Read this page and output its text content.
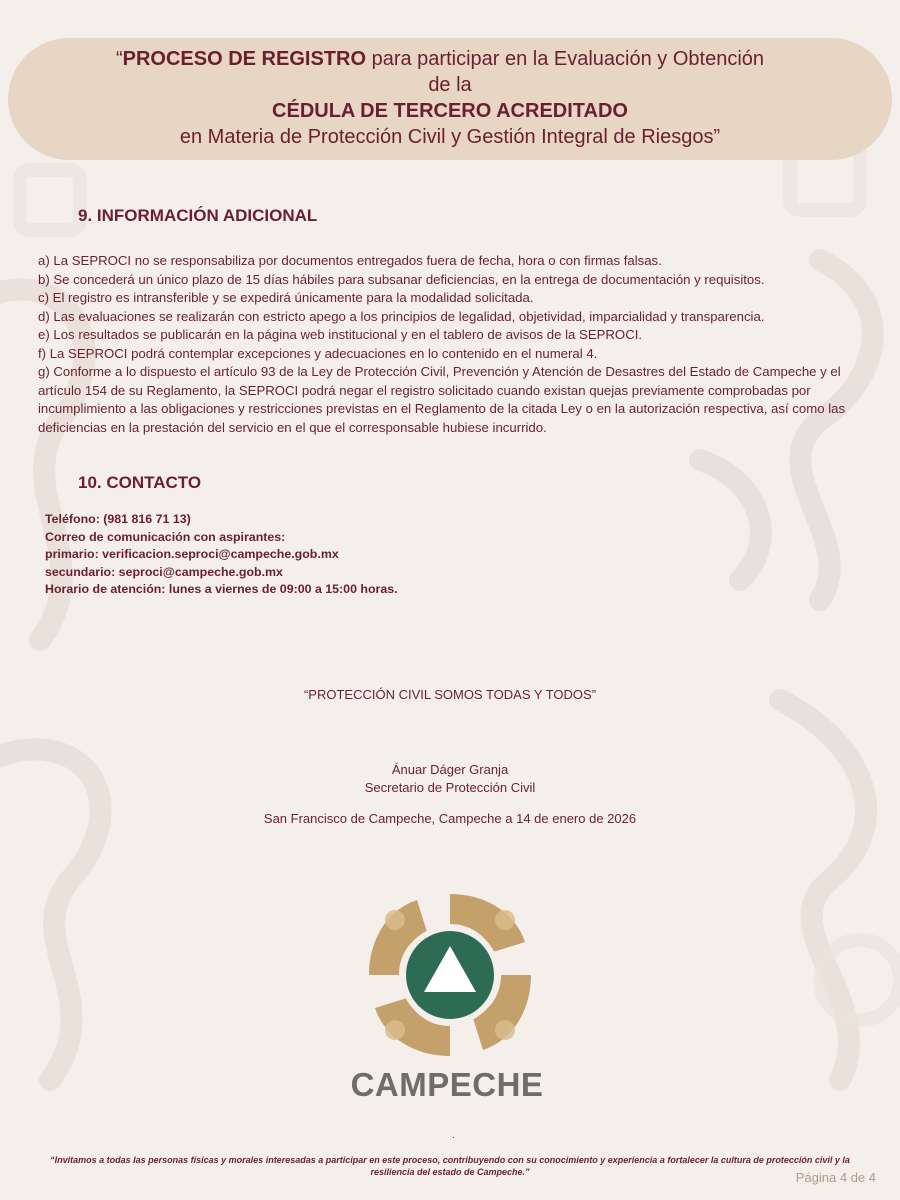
“PROCESO DE REGISTRO para participar en la Evaluación y Obtención
de la
CÉDULA DE TERCERO ACREDITADO
en Materia de Protección Civil y Gestión Integral de Riesgos”
9. INFORMACIÓN ADICIONAL

a) La SEPROCI no se responsabiliza por documentos entregados fuera de fecha, hora o con firmas falsas.

b) Se concederá un único plazo de 15 días hábiles para subsanar deficiencias, en la entrega de documentación y requisitos.

c) El registro es intransferible y se expedirá únicamente para la modalidad solicitada.

d) Las evaluaciones se realizarán con estricto apego a los principios de legalidad, objetividad, imparcialidad y transparencia.

e) Los resultados se publicarán en la página web institucional y en el tablero de avisos de la SEPROCI.

f) La SEPROCI podrá contemplar excepciones y adecuaciones en lo contenido en el numeral 4.

g) Conforme a lo dispuesto el artículo 93 de la Ley de Protección Civil, Prevención y Atención de Desastres del Estado de Campeche y el artículo 154 de su Reglamento, la SEPROCI podrá negar el registro solicitado cuando existan quejas previamente comprobadas por incumplimiento a las obligaciones y restricciones previstas en el Reglamento de la citada Ley o en la autorización respectiva, así como las deficiencias en la prestación del servicio en el que el corresponsable hubiese incurrido.

10. CONTACTO

Teléfono: (981 816 71 13)

Correo de comunicación con aspirantes:

primario: verificacion.seproci@campeche.gob.mx

secundario: seproci@campeche.gob.mx

Horario de atención: lunes a viernes de 09:00 a 15:00 horas.

“PROTECCIÓN CIVIL SOMOS TODAS Y TODOS”
Ánuar Dáger Granja
Secretario de Protección Civil
San Francisco de Campeche, Campeche a 14 de enero de 2026
CAMPECHE
.
“Invitamos a todas las personas físicas y morales interesadas a participar en este proceso, contribuyendo con su conocimiento y experiencia a fortalecer la cultura de protección civil y la resiliencia del estado de Campeche.”	Página 4 de 4
